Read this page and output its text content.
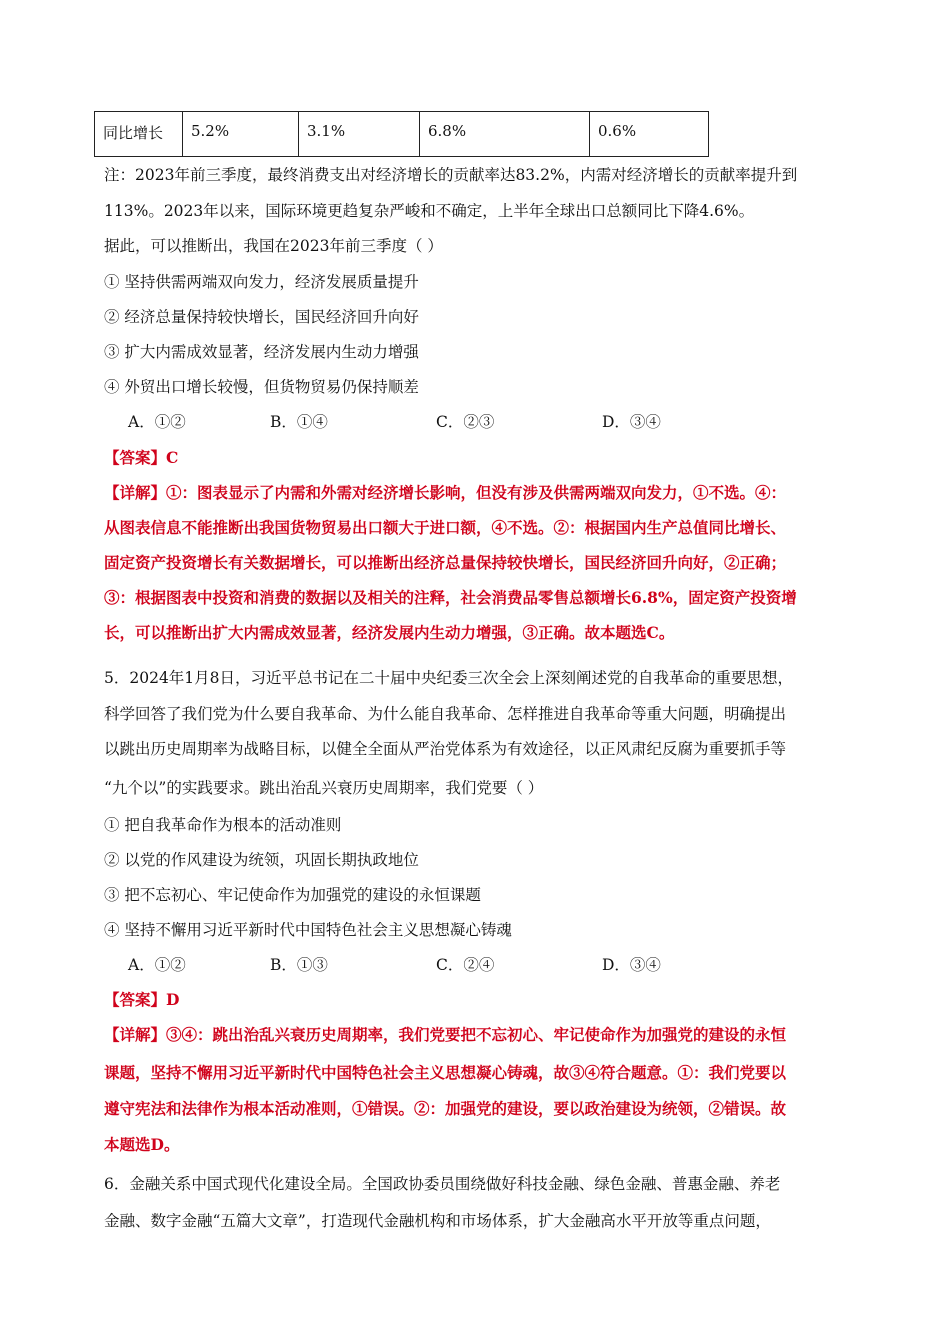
同比增长	5.2%	3.1%	6.8%	0.6%
注：2023年前三季度，最终消费支出对经济增长的贡献率达83.2%，内需对经济增长的贡献率提升到
113%。2023年以来，国际环境更趋复杂严峻和不确定，上半年全球出口总额同比下降4.6%。
据此，可以推断出，我国在2023年前三季度（ ）
① 坚持供需两端双向发力，经济发展质量提升
② 经济总量保持较快增长，国民经济回升向好
③ 扩大内需成效显著，经济发展内生动力增强
④ 外贸出口增长较慢，但货物贸易仍保持顺差
A．①②	B．①④	C．②③	D．③④
【答案】C
【详解】①：图表显示了内需和外需对经济增长影响，但没有涉及供需两端双向发力，①不选。④：
从图表信息不能推断出我国货物贸易出口额大于进口额，④不选。②：根据国内生产总值同比增长、
固定资产投资增长有关数据增长，可以推断出经济总量保持较快增长，国民经济回升向好，②正确；
③：根据图表中投资和消费的数据以及相关的注释，社会消费品零售总额增长6.8%，固定资产投资增
长，可以推断出扩大内需成效显著，经济发展内生动力增强，③正确。故本题选C。
5．2024年1月8日，习近平总书记在二十届中央纪委三次全会上深刻阐述党的自我革命的重要思想，
科学回答了我们党为什么要自我革命、为什么能自我革命、怎样推进自我革命等重大问题，明确提出
以跳出历史周期率为战略目标，以健全全面从严治党体系为有效途径，以正风肃纪反腐为重要抓手等
“九个以”的实践要求。跳出治乱兴衰历史周期率，我们党要（ ）
① 把自我革命作为根本的活动准则
② 以党的作风建设为统领，巩固长期执政地位
③ 把不忘初心、牢记使命作为加强党的建设的永恒课题
④ 坚持不懈用习近平新时代中国特色社会主义思想凝心铸魂
A．①②	B．①③	C．②④	D．③④
【答案】D
【详解】③④：跳出治乱兴衰历史周期率，我们党要把不忘初心、牢记使命作为加强党的建设的永恒
课题，坚持不懈用习近平新时代中国特色社会主义思想凝心铸魂，故③④符合题意。①：我们党要以
遵守宪法和法律作为根本活动准则，①错误。②：加强党的建设，要以政治建设为统领，②错误。故
本题选D。
6．金融关系中国式现代化建设全局。全国政协委员围绕做好科技金融、绿色金融、普惠金融、养老
金融、数字金融“五篇大文章”，打造现代金融机构和市场体系，扩大金融高水平开放等重点问题，
